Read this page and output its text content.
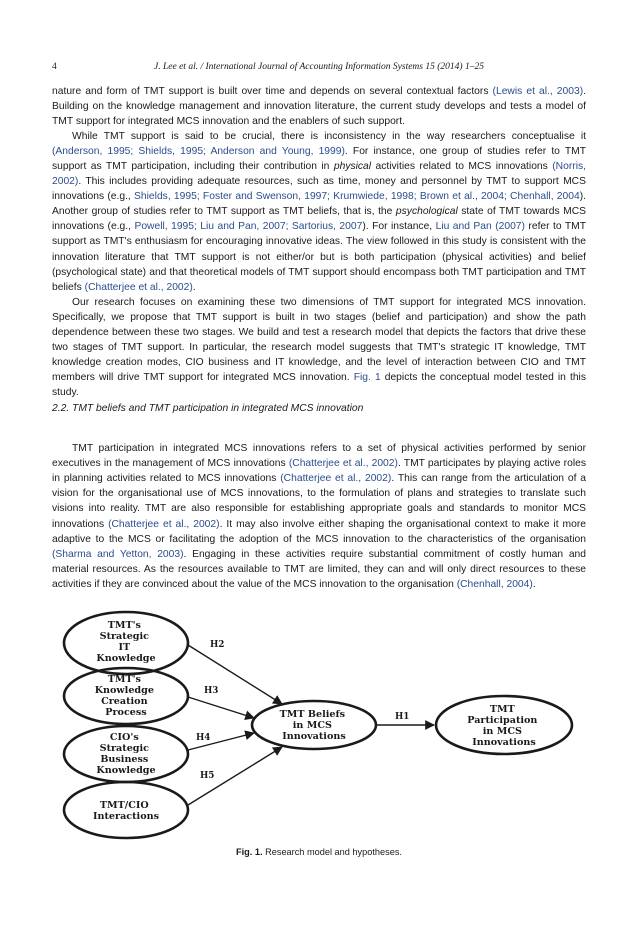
4	J. Lee et al. / International Journal of Accounting Information Systems 15 (2014) 1–25

nature and form of TMT support is built over time and depends on several contextual factors (Lewis et al., 2003). Building on the knowledge management and innovation literature, the current study develops and tests a model of TMT support for integrated MCS innovation and the enablers of such support.

While TMT support is said to be crucial, there is inconsistency in the way researchers conceptualise it (Anderson, 1995; Shields, 1995; Anderson and Young, 1999). For instance, one group of studies refer to TMT support as TMT participation, including their contribution in physical activities related to MCS innovations (Norris, 2002). This includes providing adequate resources, such as time, money and personnel by TMT to support MCS innovations (e.g., Shields, 1995; Foster and Swenson, 1997; Krumwiede, 1998; Brown et al., 2004; Chenhall, 2004). Another group of studies refer to TMT support as TMT beliefs, that is, the psychological state of TMT towards MCS innovations (e.g., Powell, 1995; Liu and Pan, 2007; Sartorius, 2007). For instance, Liu and Pan (2007) refer to TMT support as TMT's enthusiasm for encouraging innovative ideas. The view followed in this study is consistent with the innovation literature that TMT support is not either/or but is both participation (physical activities) and belief (psychological state) and that theoretical models of TMT support should encompass both TMT participation and TMT beliefs (Chatterjee et al., 2002).

Our research focuses on examining these two dimensions of TMT support for integrated MCS innovation. Specifically, we propose that TMT support is built in two stages (belief and participation) and show the path dependence between these two stages. We build and test a research model that depicts the factors that drive these two stages of TMT support. In particular, the research model suggests that TMT's strategic IT knowledge, TMT knowledge creation modes, CIO business and IT knowledge, and the level of interaction between CIO and TMT members will drive TMT support for integrated MCS innovation. Fig. 1 depicts the conceptual model tested in this study.

2.2. TMT beliefs and TMT participation in integrated MCS innovation

TMT participation in integrated MCS innovations refers to a set of physical activities performed by senior executives in the management of MCS innovations (Chatterjee et al., 2002). TMT participates by playing active roles in planning activities related to MCS innovations (Chatterjee et al., 2002). This can range from the articulation of a vision for the organisational use of MCS innovations, to the formulation of plans and strategies to translate such visions into reality. TMT are also responsible for establishing appropriate goals and standards to monitor MCS innovations (Chatterjee et al., 2002). It may also involve either shaping the organisational context to make it more adaptive to the MCS or facilitating the adoption of the MCS innovation to the characteristics of the organisation (Sharma and Yetton, 2003). Engaging in these activities require substantial commitment of costly human and material resources. As the resources available to TMT are limited, they can and will only direct resources to these activities if they are convinced about the value of the MCS innovation to the organisation (Chenhall, 2004).

H2
H3
H4
H5
H1
TMT's Strategic IT Knowledge
TMT's Knowledge Creation Process
CIO's Strategic Business Knowledge
TMT/CIO Interactions
TMT Beliefs in MCS Innovations
TMT Participation in MCS Innovations
Fig. 1. Research model and hypotheses.
